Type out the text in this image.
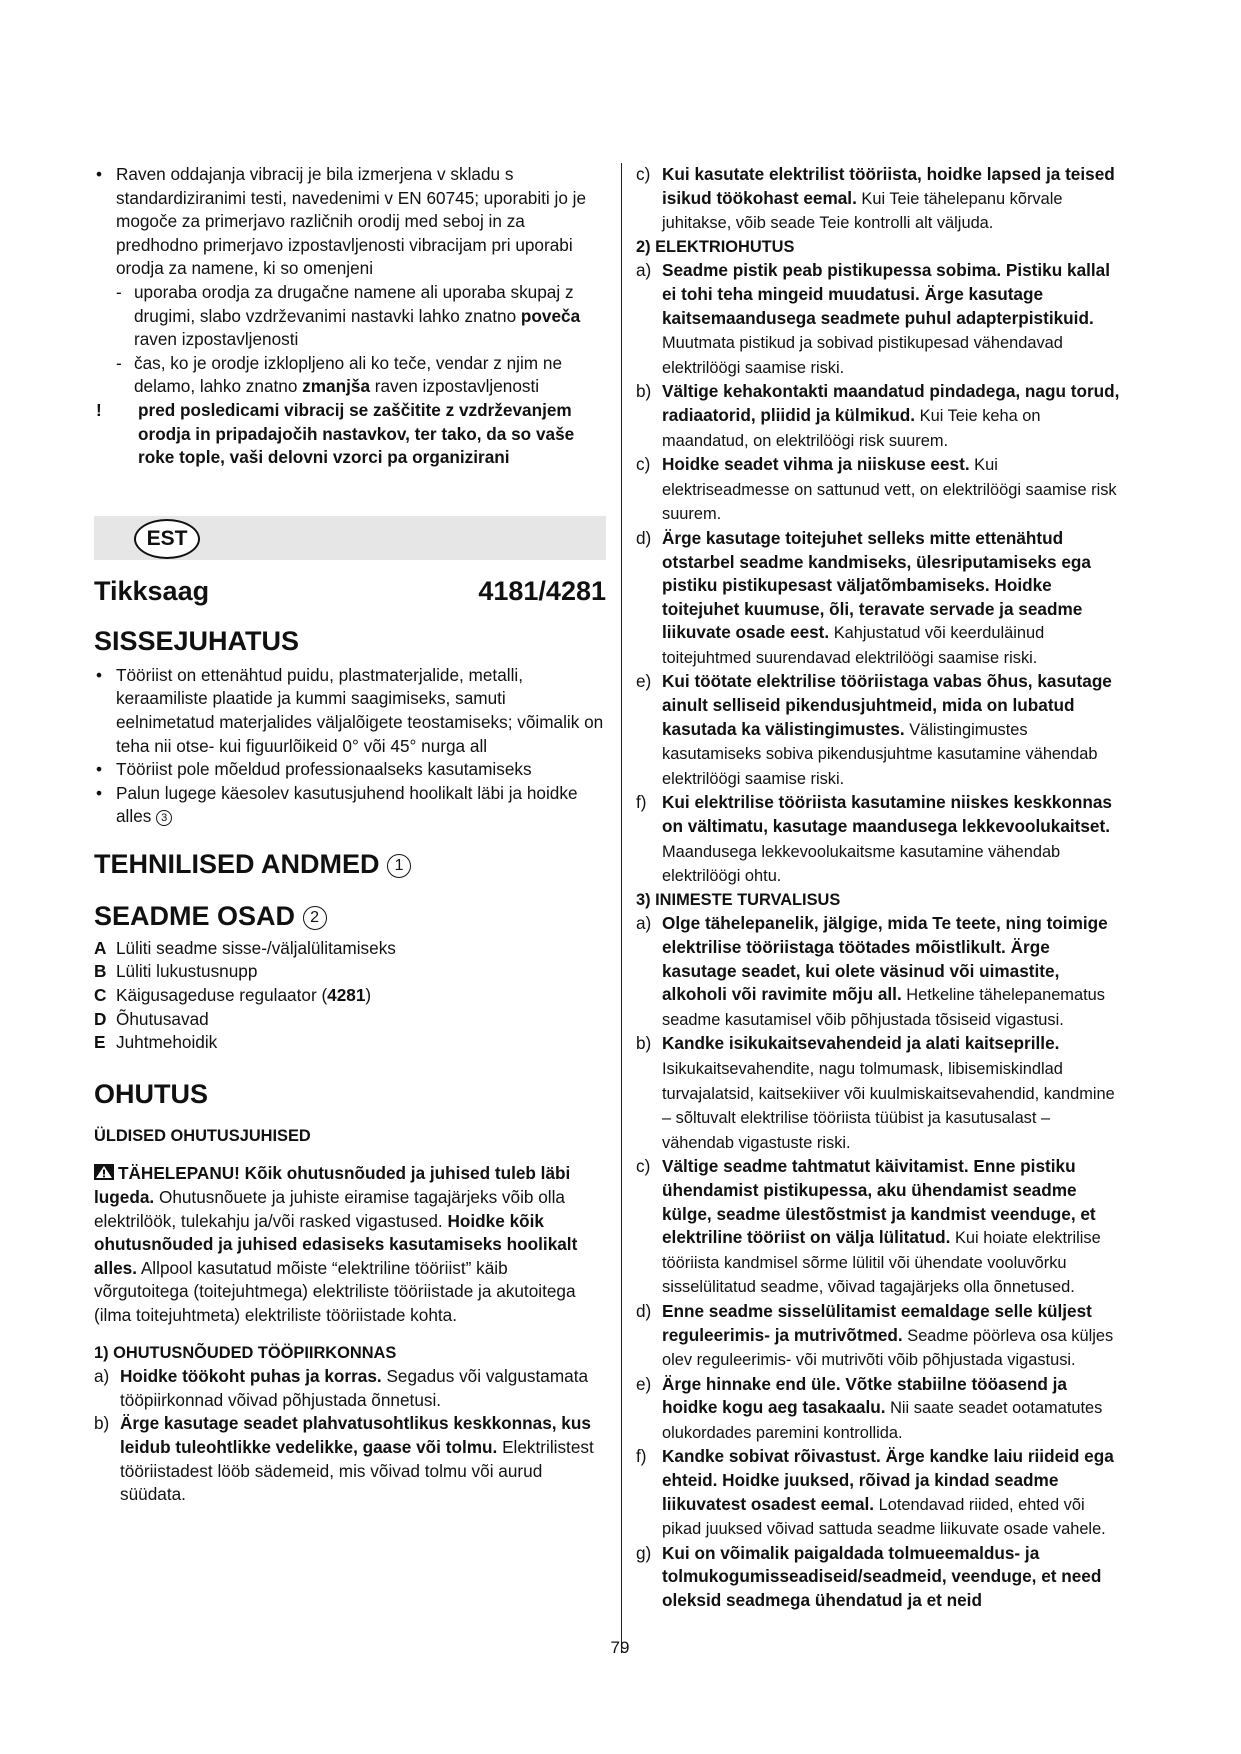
• Raven oddajanja vibracij je bila izmerjena v skladu s standardiziranimi testi, navedenimi v EN 60745; uporabiti jo je mogoče za primerjavo različnih orodij med seboj in za predhodno primerjavo izpostavljenosti vibracijam pri uporabi orodja za namene, ki so omenjeni

- uporaba orodja za drugačne namene ali uporaba skupaj z drugimi, slabo vzdrževanimi nastavki lahko znatno poveča raven izpostavljenosti

- čas, ko je orodje izklopljeno ali ko teče, vendar z njim ne delamo, lahko znatno zmanjša raven izpostavljenosti

! pred posledicami vibracij se zaščitite z vzdrževanjem orodja in pripadajočih nastavkov, ter tako, da so vaše roke tople, vaši delovni vzorci pa organizirani

EST
Tikksaag	4181/4281
SISSEJUHATUS

• Tööriist on ettenähtud puidu, plastmaterjalide, metalli, keraamiliste plaatide ja kummi saagimiseks, samuti eelnimetatud materjalides väljalõigete teostamiseks; võimalik on teha nii otse- kui figuurlõikeid 0° või 45° nurga all

• Tööriist pole mõeldud professionaalseks kasutamiseks

• Palun lugege käesolev kasutusjuhend hoolikalt läbi ja hoidke alles 3

TEHNILISED ANDMED 1
SEADME OSAD 2

A Lüliti seadme sisse-/väljalülitamiseks

B Lüliti lukustusnupp

C Käigusageduse regulaator (4281)

D Õhutusavad

E Juhtmehoidik

OHUTUS
ÜLDISED OHUTUSJUHISED

TÄHELEPANU! Kõik ohutusnõuded ja juhised tuleb läbi lugeda. Ohutusnõuete ja juhiste eiramise tagajärjeks võib olla elektrilöök, tulekahju ja/või rasked vigastused. Hoidke kõik ohutusnõuded ja juhised edasiseks kasutamiseks hoolikalt alles. Allpool kasutatud mõiste “elektriline tööriist” käib võrgutoitega (toitejuhtmega) elektriliste tööriistade ja akutoitega (ilma toitejuhtmeta) elektriliste tööriistade kohta.

1) OHUTUSNÕUDED TÖÖPIIRKONNAS

a) Hoidke töökoht puhas ja korras. Segadus või valgustamata tööpiirkonnad võivad põhjustada õnnetusi.

b) Ärge kasutage seadet plahvatusohtlikus keskkonnas, kus leidub tuleohtlikke vedelikke, gaase või tolmu. Elektrilistest tööriistadest lööb sädemeid, mis võivad tolmu või aurud süüdata.

c) Kui kasutate elektrilist tööriista, hoidke lapsed ja teised isikud töökohast eemal. Kui Teie tähelepanu kõrvale juhitakse, võib seade Teie kontrolli alt väljuda.

2) ELEKTRIOHUTUS

a) Seadme pistik peab pistikupessa sobima. Pistiku kallal ei tohi teha mingeid muudatusi. Ärge kasutage kaitsemaandusega seadmete puhul adapterpistikuid. Muutmata pistikud ja sobivad pistikupesad vähendavad elektrilöögi saamise riski.

b) Vältige kehakontakti maandatud pindadega, nagu torud, radiaatorid, pliidid ja külmikud. Kui Teie keha on maandatud, on elektrilöögi risk suurem.

c) Hoidke seadet vihma ja niiskuse eest. Kui elektriseadmesse on sattunud vett, on elektrilöögi saamise risk suurem.

d) Ärge kasutage toitejuhet selleks mitte ettenähtud otstarbel seadme kandmiseks, ülesriputamiseks ega pistiku pistikupesast väljatõmbamiseks. Hoidke toitejuhet kuumuse, õli, teravate servade ja seadme liikuvate osade eest. Kahjustatud või keerduläinud toitejuhtmed suurendavad elektrilöögi saamise riski.

e) Kui töötate elektrilise tööriistaga vabas õhus, kasutage ainult selliseid pikendusjuhtmeid, mida on lubatud kasutada ka välistingimustes. Välistingimustes kasutamiseks sobiva pikendusjuhtme kasutamine vähendab elektrilöögi saamise riski.

f) Kui elektrilise tööriista kasutamine niiskes keskkonnas on vältimatu, kasutage maandusega lekkevoolukaitset. Maandusega lekkevoolukaitsme kasutamine vähendab elektrilöögi ohtu.

3) INIMESTE TURVALISUS

a) Olge tähelepanelik, jälgige, mida Te teete, ning toimige elektrilise tööriistaga töötades mõistlikult. Ärge kasutage seadet, kui olete väsinud või uimastite, alkoholi või ravimite mõju all. Hetkeline tähelepanematus seadme kasutamisel võib põhjustada tõsiseid vigastusi.

b) Kandke isikukaitsevahendeid ja alati kaitseprille. Isikukaitsevahendite, nagu tolmumask, libisemiskindlad turvajalatsid, kaitsekiiver või kuulmiskaitsevahendid, kandmine – sõltuvalt elektrilise tööriista tüübist ja kasutusalast – vähendab vigastuste riski.

c) Vältige seadme tahtmatut käivitamist. Enne pistiku ühendamist pistikupessa, aku ühendamist seadme külge, seadme ülestõstmist ja kandmist veenduge, et elektriline tööriist on välja lülitatud. Kui hoiate elektrilise tööriista kandmisel sõrme lülitil või ühendate vooluvõrku sisselülitatud seadme, võivad tagajärjeks olla õnnetused.

d) Enne seadme sisselülitamist eemaldage selle küljest reguleerimis- ja mutrivõtmed. Seadme pöörleva osa küljes olev reguleerimis- või mutrivõti võib põhjustada vigastusi.

e) Ärge hinnake end üle. Võtke stabiilne tööasend ja hoidke kogu aeg tasakaalu. Nii saate seadet ootamatutes olukordades paremini kontrollida.

f) Kandke sobivat rõivastust. Ärge kandke laiu riideid ega ehteid. Hoidke juuksed, rõivad ja kindad seadme liikuvatest osadest eemal. Lotendavad riided, ehted või pikad juuksed võivad sattuda seadme liikuvate osade vahele.

g) Kui on võimalik paigaldada tolmueemaldus- ja tolmukogumisseadiseid/seadmeid, veenduge, et need oleksid seadmega ühendatud ja et neid

79
